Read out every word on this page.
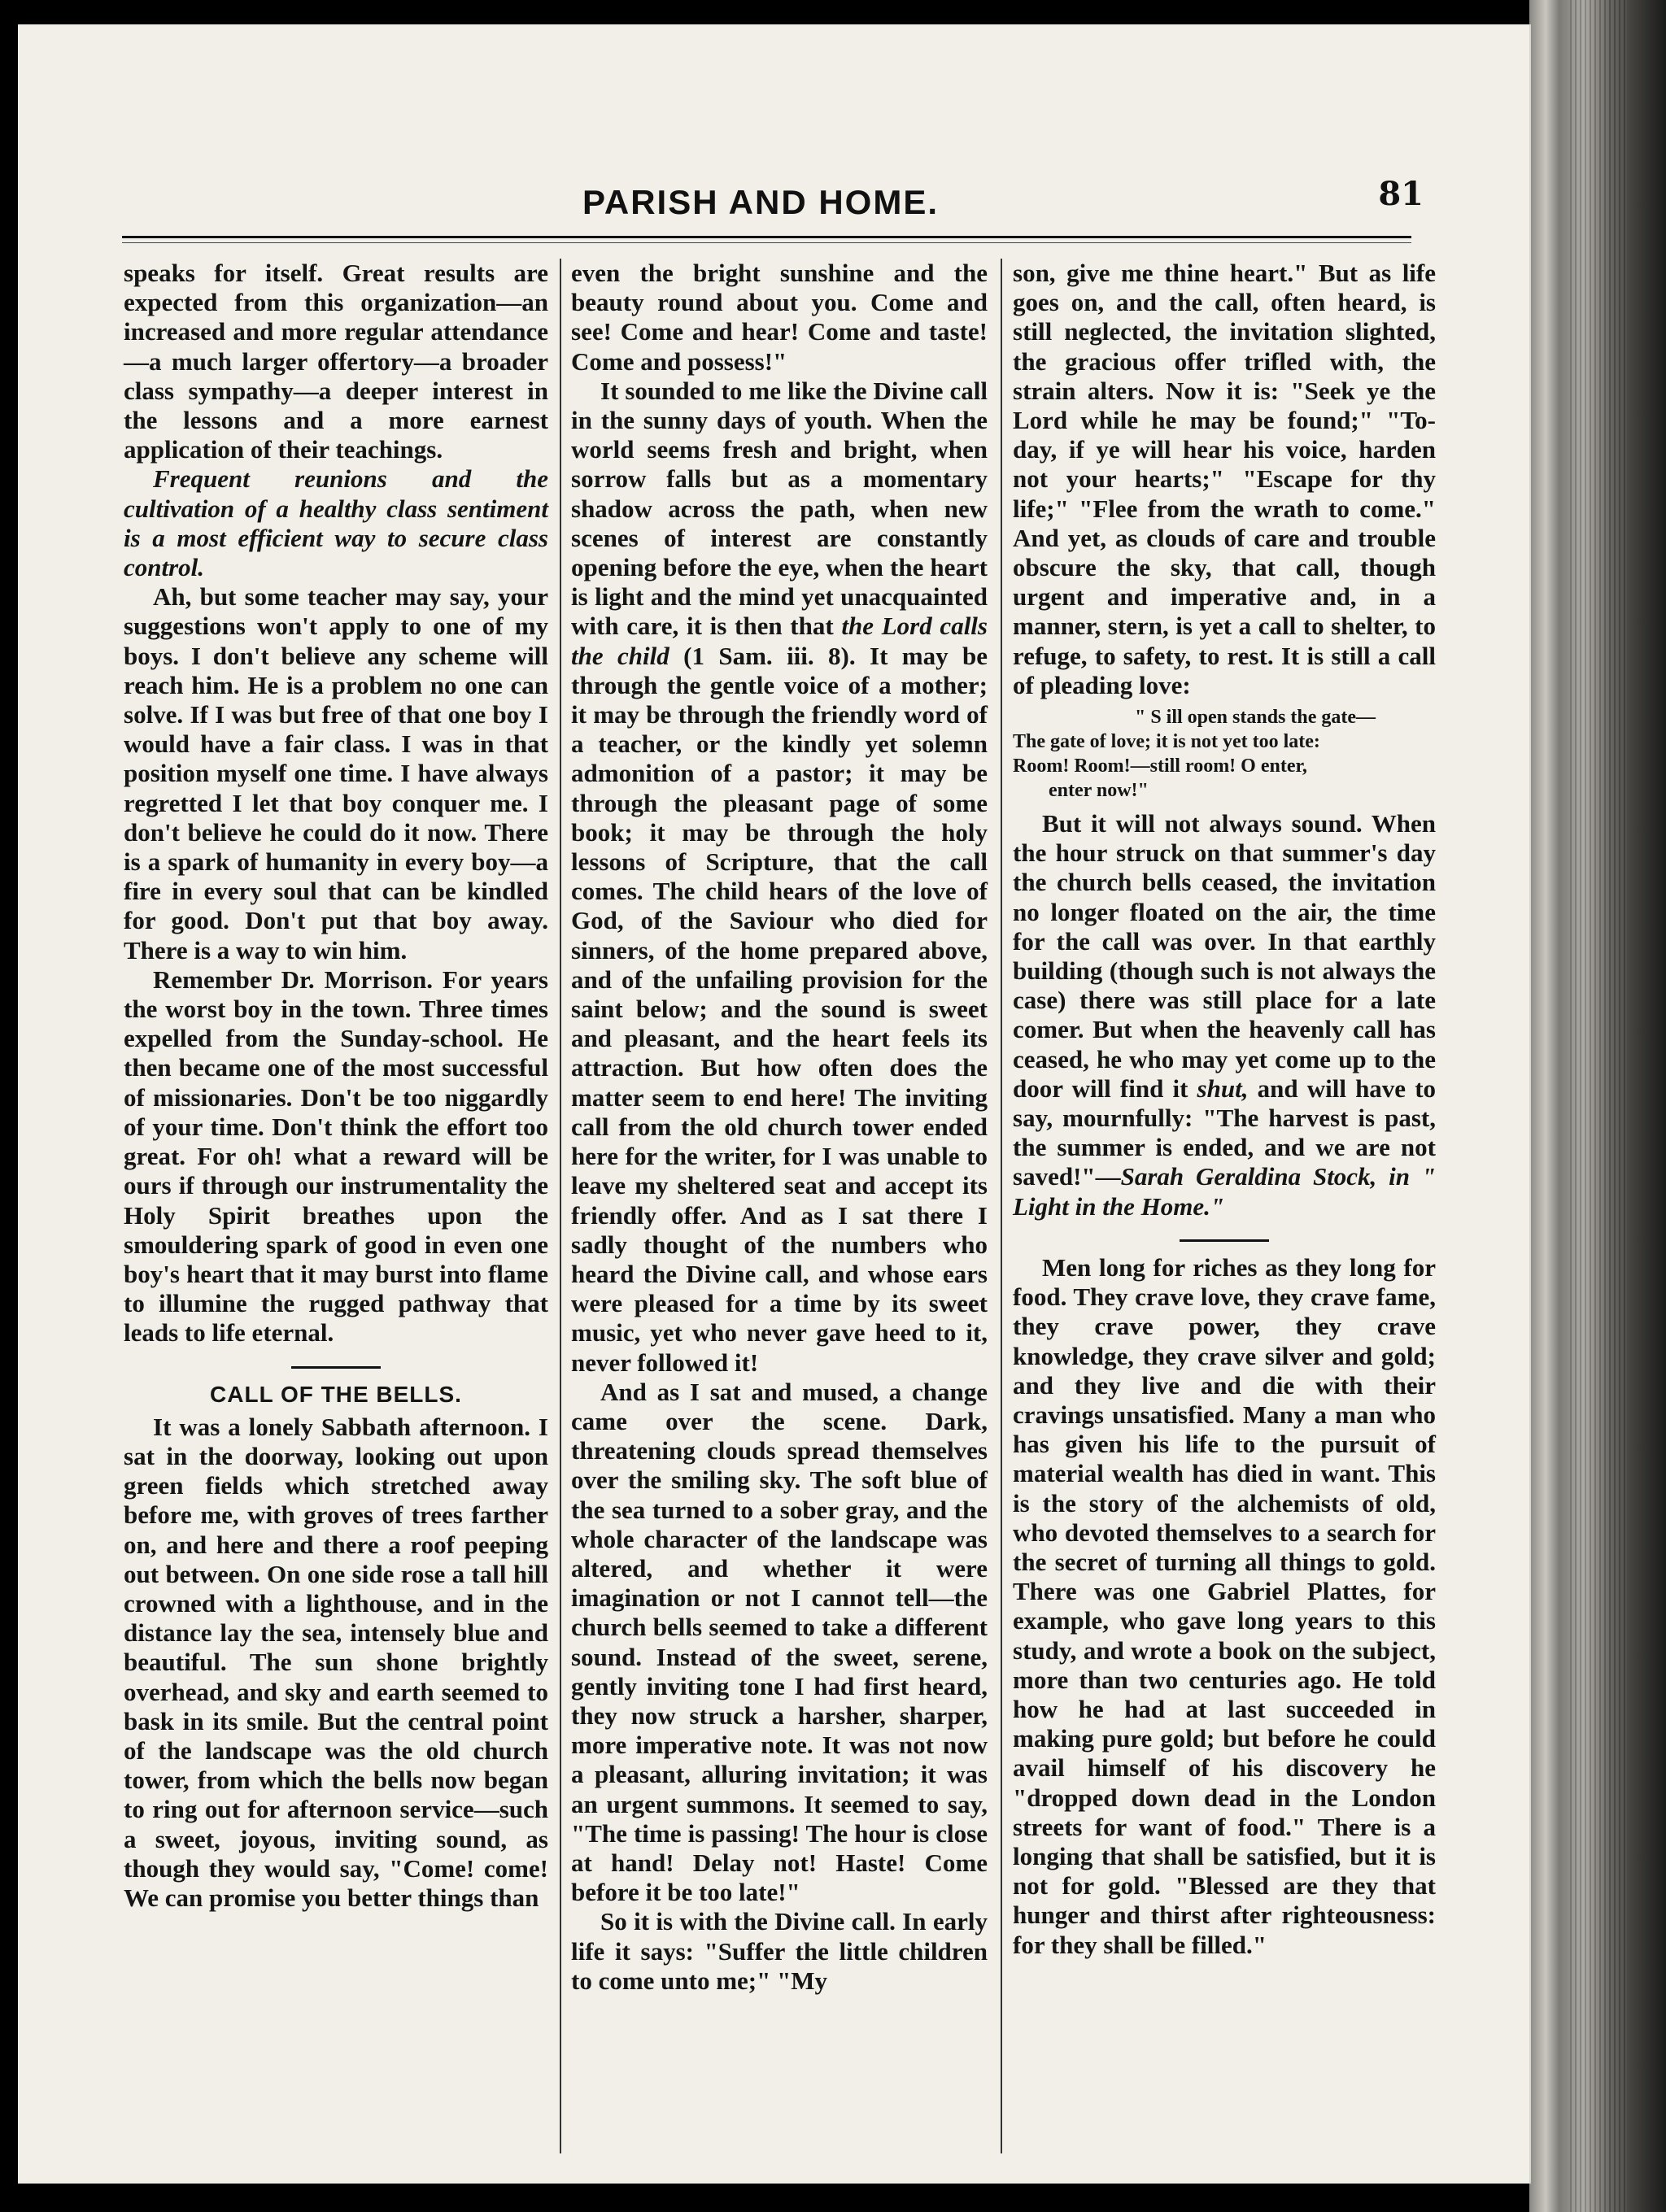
PARISH AND HOME.	81

speaks for itself. Great results are expected from this organization—an increased and more regular attendance—a much larger offertory—a broader class sympathy—a deeper interest in the lessons and a more earnest application of their teachings.

Frequent reunions and the cultivation of a healthy class sentiment is a most efficient way to secure class control.

Ah, but some teacher may say, your suggestions won't apply to one of my boys. I don't believe any scheme will reach him. He is a problem no one can solve. If I was but free of that one boy I would have a fair class. I was in that position myself one time. I have always regretted I let that boy conquer me. I don't believe he could do it now. There is a spark of humanity in every boy—a fire in every soul that can be kindled for good. Don't put that boy away. There is a way to win him.

Remember Dr. Morrison. For years the worst boy in the town. Three times expelled from the Sunday-school. He then became one of the most successful of missionaries. Don't be too niggardly of your time. Don't think the effort too great. For oh! what a reward will be ours if through our instrumentality the Holy Spirit breathes upon the smouldering spark of good in even one boy's heart that it may burst into flame to illumine the rugged pathway that leads to life eternal.

CALL OF THE BELLS.

It was a lonely Sabbath afternoon. I sat in the doorway, looking out upon green fields which stretched away before me, with groves of trees farther on, and here and there a roof peeping out between. On one side rose a tall hill crowned with a lighthouse, and in the distance lay the sea, intensely blue and beautiful. The sun shone brightly overhead, and sky and earth seemed to bask in its smile. But the central point of the landscape was the old church tower, from which the bells now began to ring out for afternoon service—such a sweet, joyous, inviting sound, as though they would say, "Come! come! We can promise you better things than

even the bright sunshine and the beauty round about you. Come and see! Come and hear! Come and taste! Come and possess!"

It sounded to me like the Divine call in the sunny days of youth. When the world seems fresh and bright, when sorrow falls but as a momentary shadow across the path, when new scenes of interest are constantly opening before the eye, when the heart is light and the mind yet unacquainted with care, it is then that the Lord calls the child (1 Sam. iii. 8). It may be through the gentle voice of a mother; it may be through the friendly word of a teacher, or the kindly yet solemn admonition of a pastor; it may be through the pleasant page of some book; it may be through the holy lessons of Scripture, that the call comes. The child hears of the love of God, of the Saviour who died for sinners, of the home prepared above, and of the unfailing provision for the saint below; and the sound is sweet and pleasant, and the heart feels its attraction. But how often does the matter seem to end here! The inviting call from the old church tower ended here for the writer, for I was unable to leave my sheltered seat and accept its friendly offer. And as I sat there I sadly thought of the numbers who heard the Divine call, and whose ears were pleased for a time by its sweet music, yet who never gave heed to it, never followed it!

And as I sat and mused, a change came over the scene. Dark, threatening clouds spread themselves over the smiling sky. The soft blue of the sea turned to a sober gray, and the whole character of the landscape was altered, and whether it were imagination or not I cannot tell—the church bells seemed to take a different sound. Instead of the sweet, serene, gently inviting tone I had first heard, they now struck a harsher, sharper, more imperative note. It was not now a pleasant, alluring invitation; it was an urgent summons. It seemed to say, "The time is passing! The hour is close at hand! Delay not! Haste! Come before it be too late!"

So it is with the Divine call. In early life it says: "Suffer the little children to come unto me;" "My

son, give me thine heart." But as life goes on, and the call, often heard, is still neglected, the invitation slighted, the gracious offer trifled with, the strain alters. Now it is: "Seek ye the Lord while he may be found;" "To-day, if ye will hear his voice, harden not your hearts;" "Escape for thy life;" "Flee from the wrath to come." And yet, as clouds of care and trouble obscure the sky, that call, though urgent and imperative and, in a manner, stern, is yet a call to shelter, to refuge, to safety, to rest. It is still a call of pleading love:

" S ill open stands the gate—
The gate of love; it is not yet too late:
Room! Room!—still room! O enter,
enter now!"

But it will not always sound. When the hour struck on that summer's day the church bells ceased, the invitation no longer floated on the air, the time for the call was over. In that earthly building (though such is not always the case) there was still place for a late comer. But when the heavenly call has ceased, he who may yet come up to the door will find it shut, and will have to say, mournfully: "The harvest is past, the summer is ended, and we are not saved!"—Sarah Geraldina Stock, in " Light in the Home."

Men long for riches as they long for food. They crave love, they crave fame, they crave power, they crave knowledge, they crave silver and gold; and they live and die with their cravings unsatisfied. Many a man who has given his life to the pursuit of material wealth has died in want. This is the story of the alchemists of old, who devoted themselves to a search for the secret of turning all things to gold. There was one Gabriel Plattes, for example, who gave long years to this study, and wrote a book on the subject, more than two centuries ago. He told how he had at last succeeded in making pure gold; but before he could avail himself of his discovery he "dropped down dead in the London streets for want of food." There is a longing that shall be satisfied, but it is not for gold. "Blessed are they that hunger and thirst after righteousness: for they shall be filled."
